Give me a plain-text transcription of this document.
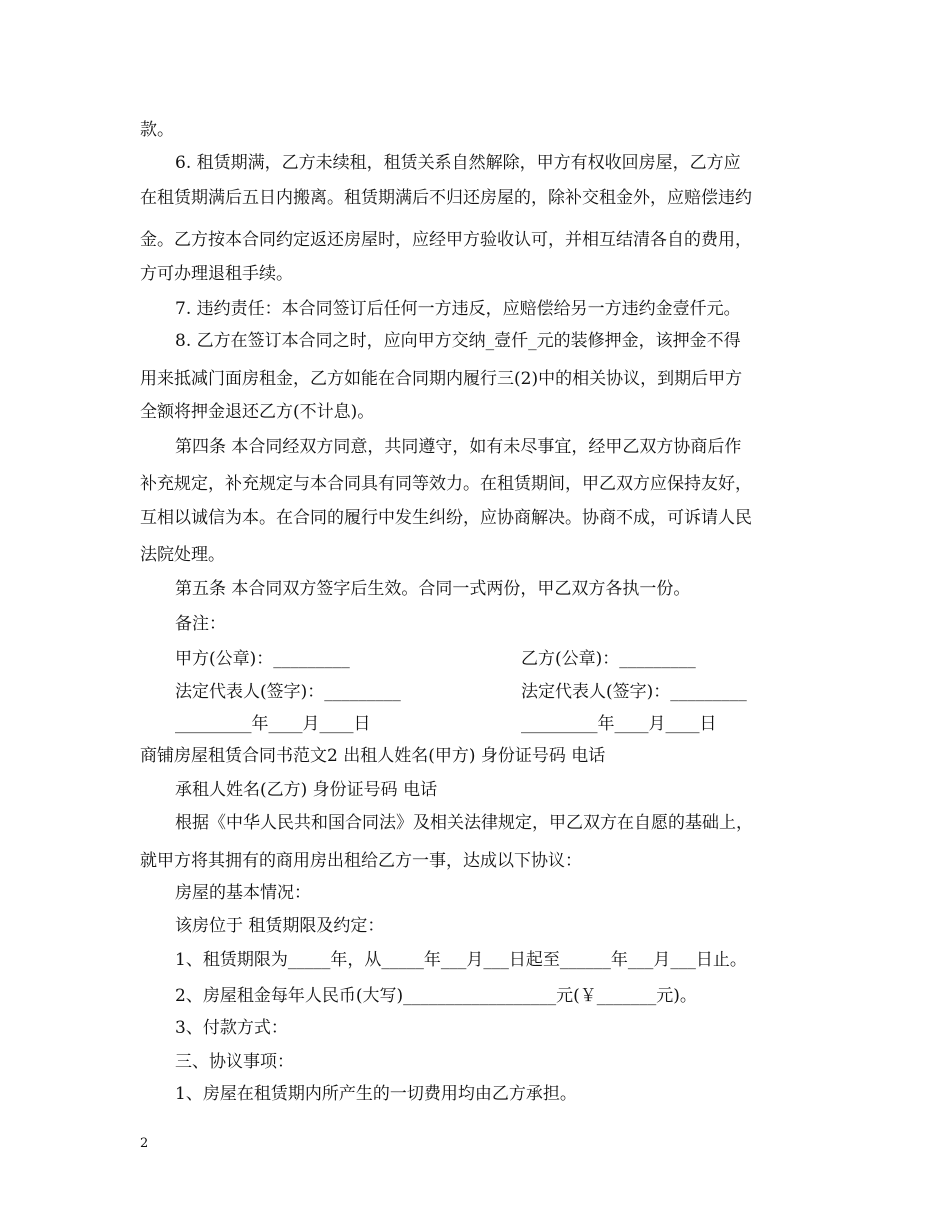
款。
6. 租赁期满，乙方未续租，租赁关系自然解除，甲方有权收回房屋，乙方应
在租赁期满后五日内搬离。租赁期满后不归还房屋的，除补交租金外，应赔偿违约
金。乙方按本合同约定返还房屋时，应经甲方验收认可，并相互结清各自的费用，
方可办理退租手续。
7. 违约责任：本合同签订后任何一方违反，应赔偿给另一方违约金壹仟元。
8. 乙方在签订本合同之时，应向甲方交纳_壹仟_元的装修押金，该押金不得
用来抵减门面房租金，乙方如能在合同期内履行三(2)中的相关协议，到期后甲方
全额将押金退还乙方(不计息)。
第四条 本合同经双方同意，共同遵守，如有未尽事宜，经甲乙双方协商后作
补充规定，补充规定与本合同具有同等效力。在租赁期间，甲乙双方应保持友好，
互相以诚信为本。在合同的履行中发生纠纷，应协商解决。协商不成，可诉请人民
法院处理。
第五条 本合同双方签字后生效。合同一式两份，甲乙双方各执一份。
备注：
甲方(公章)：_________	乙方(公章)：_________
法定代表人(签字)：_________	法定代表人(签字)：_________
_________年____月____日	_________年____月____日
商铺房屋租赁合同书范文2 出租人姓名(甲方) 身份证号码 电话
承租人姓名(乙方) 身份证号码 电话
根据《中华人民共和国合同法》及相关法律规定，甲乙双方在自愿的基础上，
就甲方将其拥有的商用房出租给乙方一事，达成以下协议：
房屋的基本情况：
该房位于 租赁期限及约定：
1、租赁期限为_____年，从_____年___月___日起至______年___月___日止。
2、房屋租金每年人民币(大写)__________________元(￥_______元)。
3、付款方式：
三、协议事项：
1、房屋在租赁期内所产生的一切费用均由乙方承担。
2
